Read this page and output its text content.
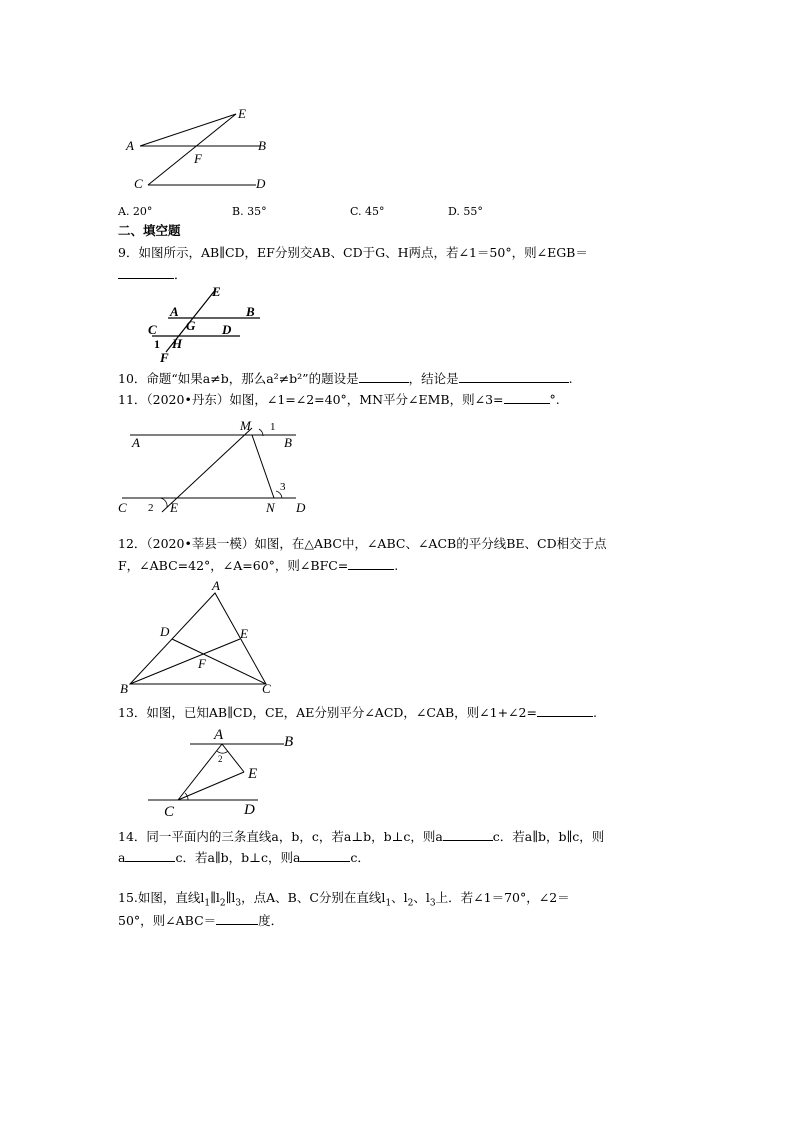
A	B
C	D
E
F
A. 20°	B. 35°	C. 45°	D. 55°
二、填空题
9．如图所示，AB∥CD，EF分别交AB、CD于G、H两点，若∠1＝50°，则∠EGB＝
．
E
A	B
G
C	D
1 H
F
10．命题“如果a≠b，那么a²≠b²”的题设是	，结论是	.
11．（2020•丹东）如图，∠1=∠2=40°，MN平分∠EMB，则∠3=	°.
A	B
M 1
3
C 2 E	N D
12．（2020•莘县一模）如图，在△ABC中，∠ABC、∠ACB的平分线BE、CD相交于点
F，∠ABC=42°，∠A=60°，则∠BFC=	.
A
D	E
F
B	C
13．如图，已知AB∥CD，CE，AE分别平分∠ACD，∠CAB，则∠1+∠2=	.
A	B
2
E
C	D
14．同一平面内的三条直线a，b，c，若a⊥b，b⊥c，则a	c．若a∥b，b∥c，则
a	c．若a∥b，b⊥c，则a	c．
15.如图，直线$l_1\parallel l_2\parallel l_3$，点A、B、C分别在直线$l_1$、$l_2$、$l_3$上．若∠1＝70°，∠2＝
50°，则∠ABC＝	度．
